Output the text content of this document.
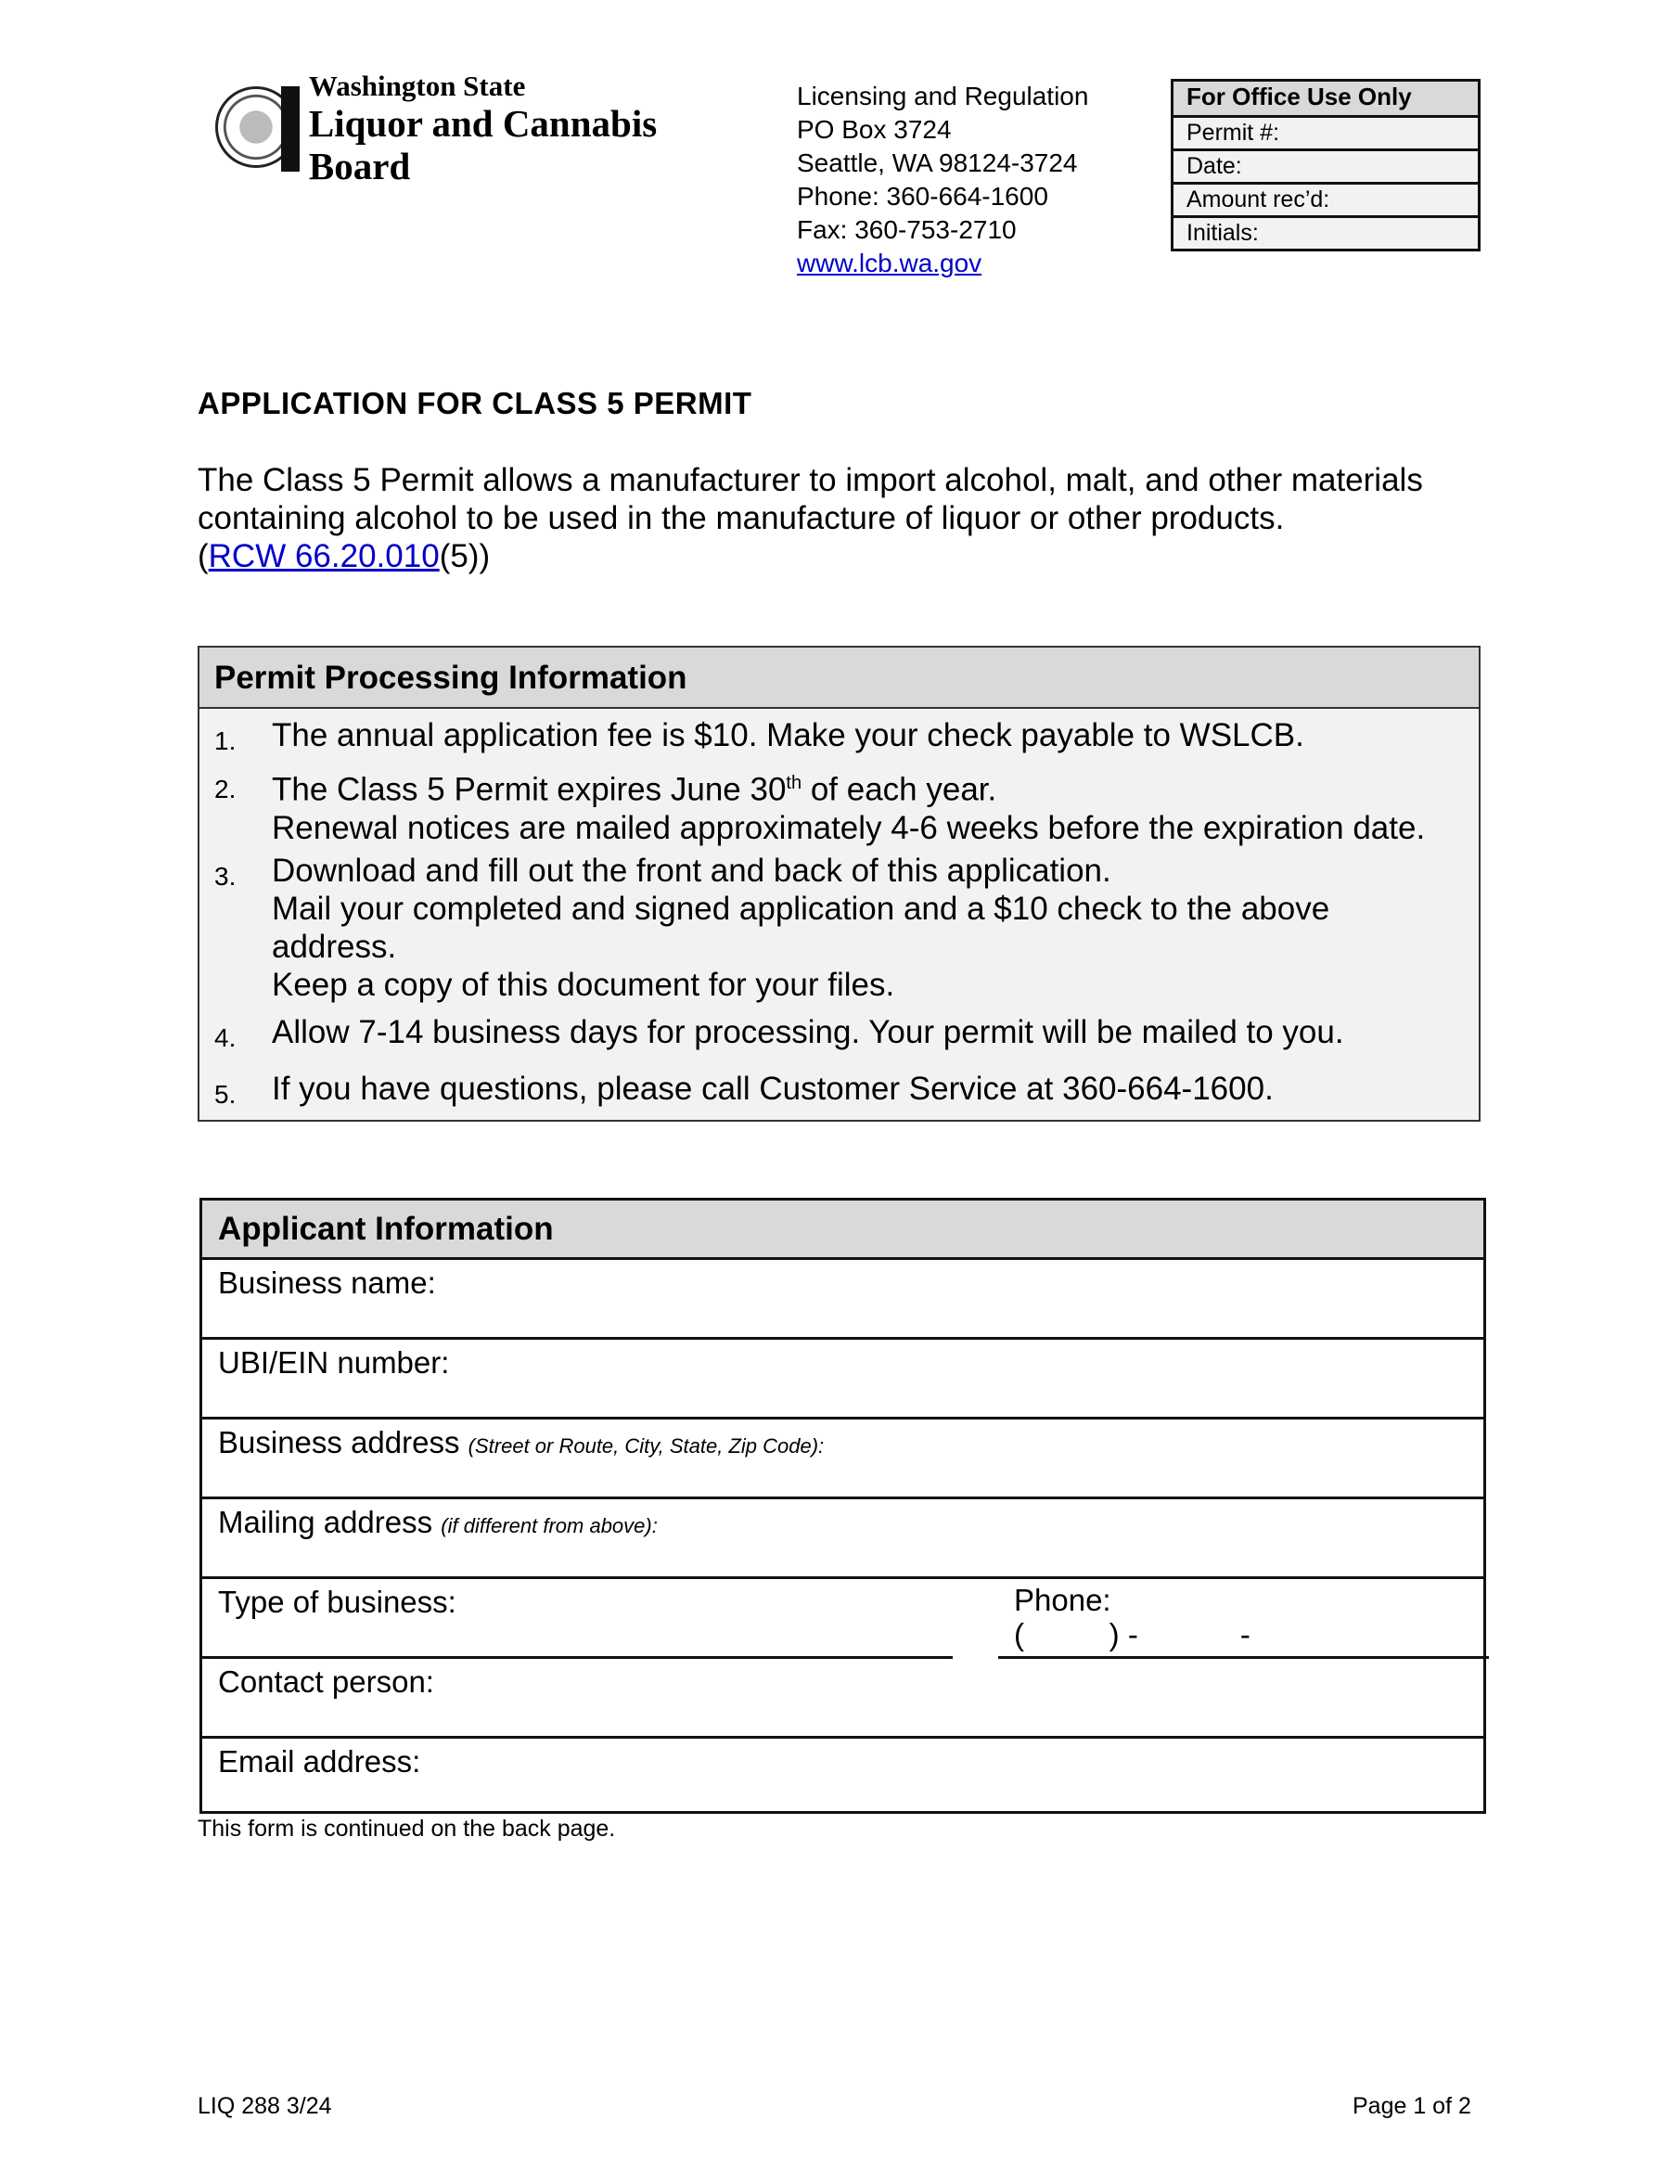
Washington State
Liquor and Cannabis Board
Licensing and Regulation
PO Box 3724
Seattle, WA 98124-3724
Phone: 360-664-1600
Fax: 360-753-2710
www.lcb.wa.gov
For Office Use Only
Permit #:
Date:
Amount rec’d:
Initials:
APPLICATION FOR CLASS 5 PERMIT
The Class 5 Permit allows a manufacturer to import alcohol, malt, and other materials containing alcohol to be used in the manufacture of liquor or other products.
(RCW 66.20.010(5))
Permit Processing Information
1. The annual application fee is $10. Make your check payable to WSLCB.
2. The Class 5 Permit expires June 30th of each year.
Renewal notices are mailed approximately 4-6 weeks before the expiration date.
3. Download and fill out the front and back of this application.
Mail your completed and signed application and a $10 check to the above
address.
Keep a copy of this document for your files.
4. Allow 7-14 business days for processing. Your permit will be mailed to you.
5. If you have questions, please call Customer Service at 360-664-1600.
Applicant Information
Business name:
UBI/EIN number:
Business address (Street or Route, City, State, Zip Code):
Mailing address (if different from above):
Type of business:	Phone:
(          ) -            -
Contact person:
Email address:
This form is continued on the back page.
LIQ 288 3/24	Page 1 of 2
